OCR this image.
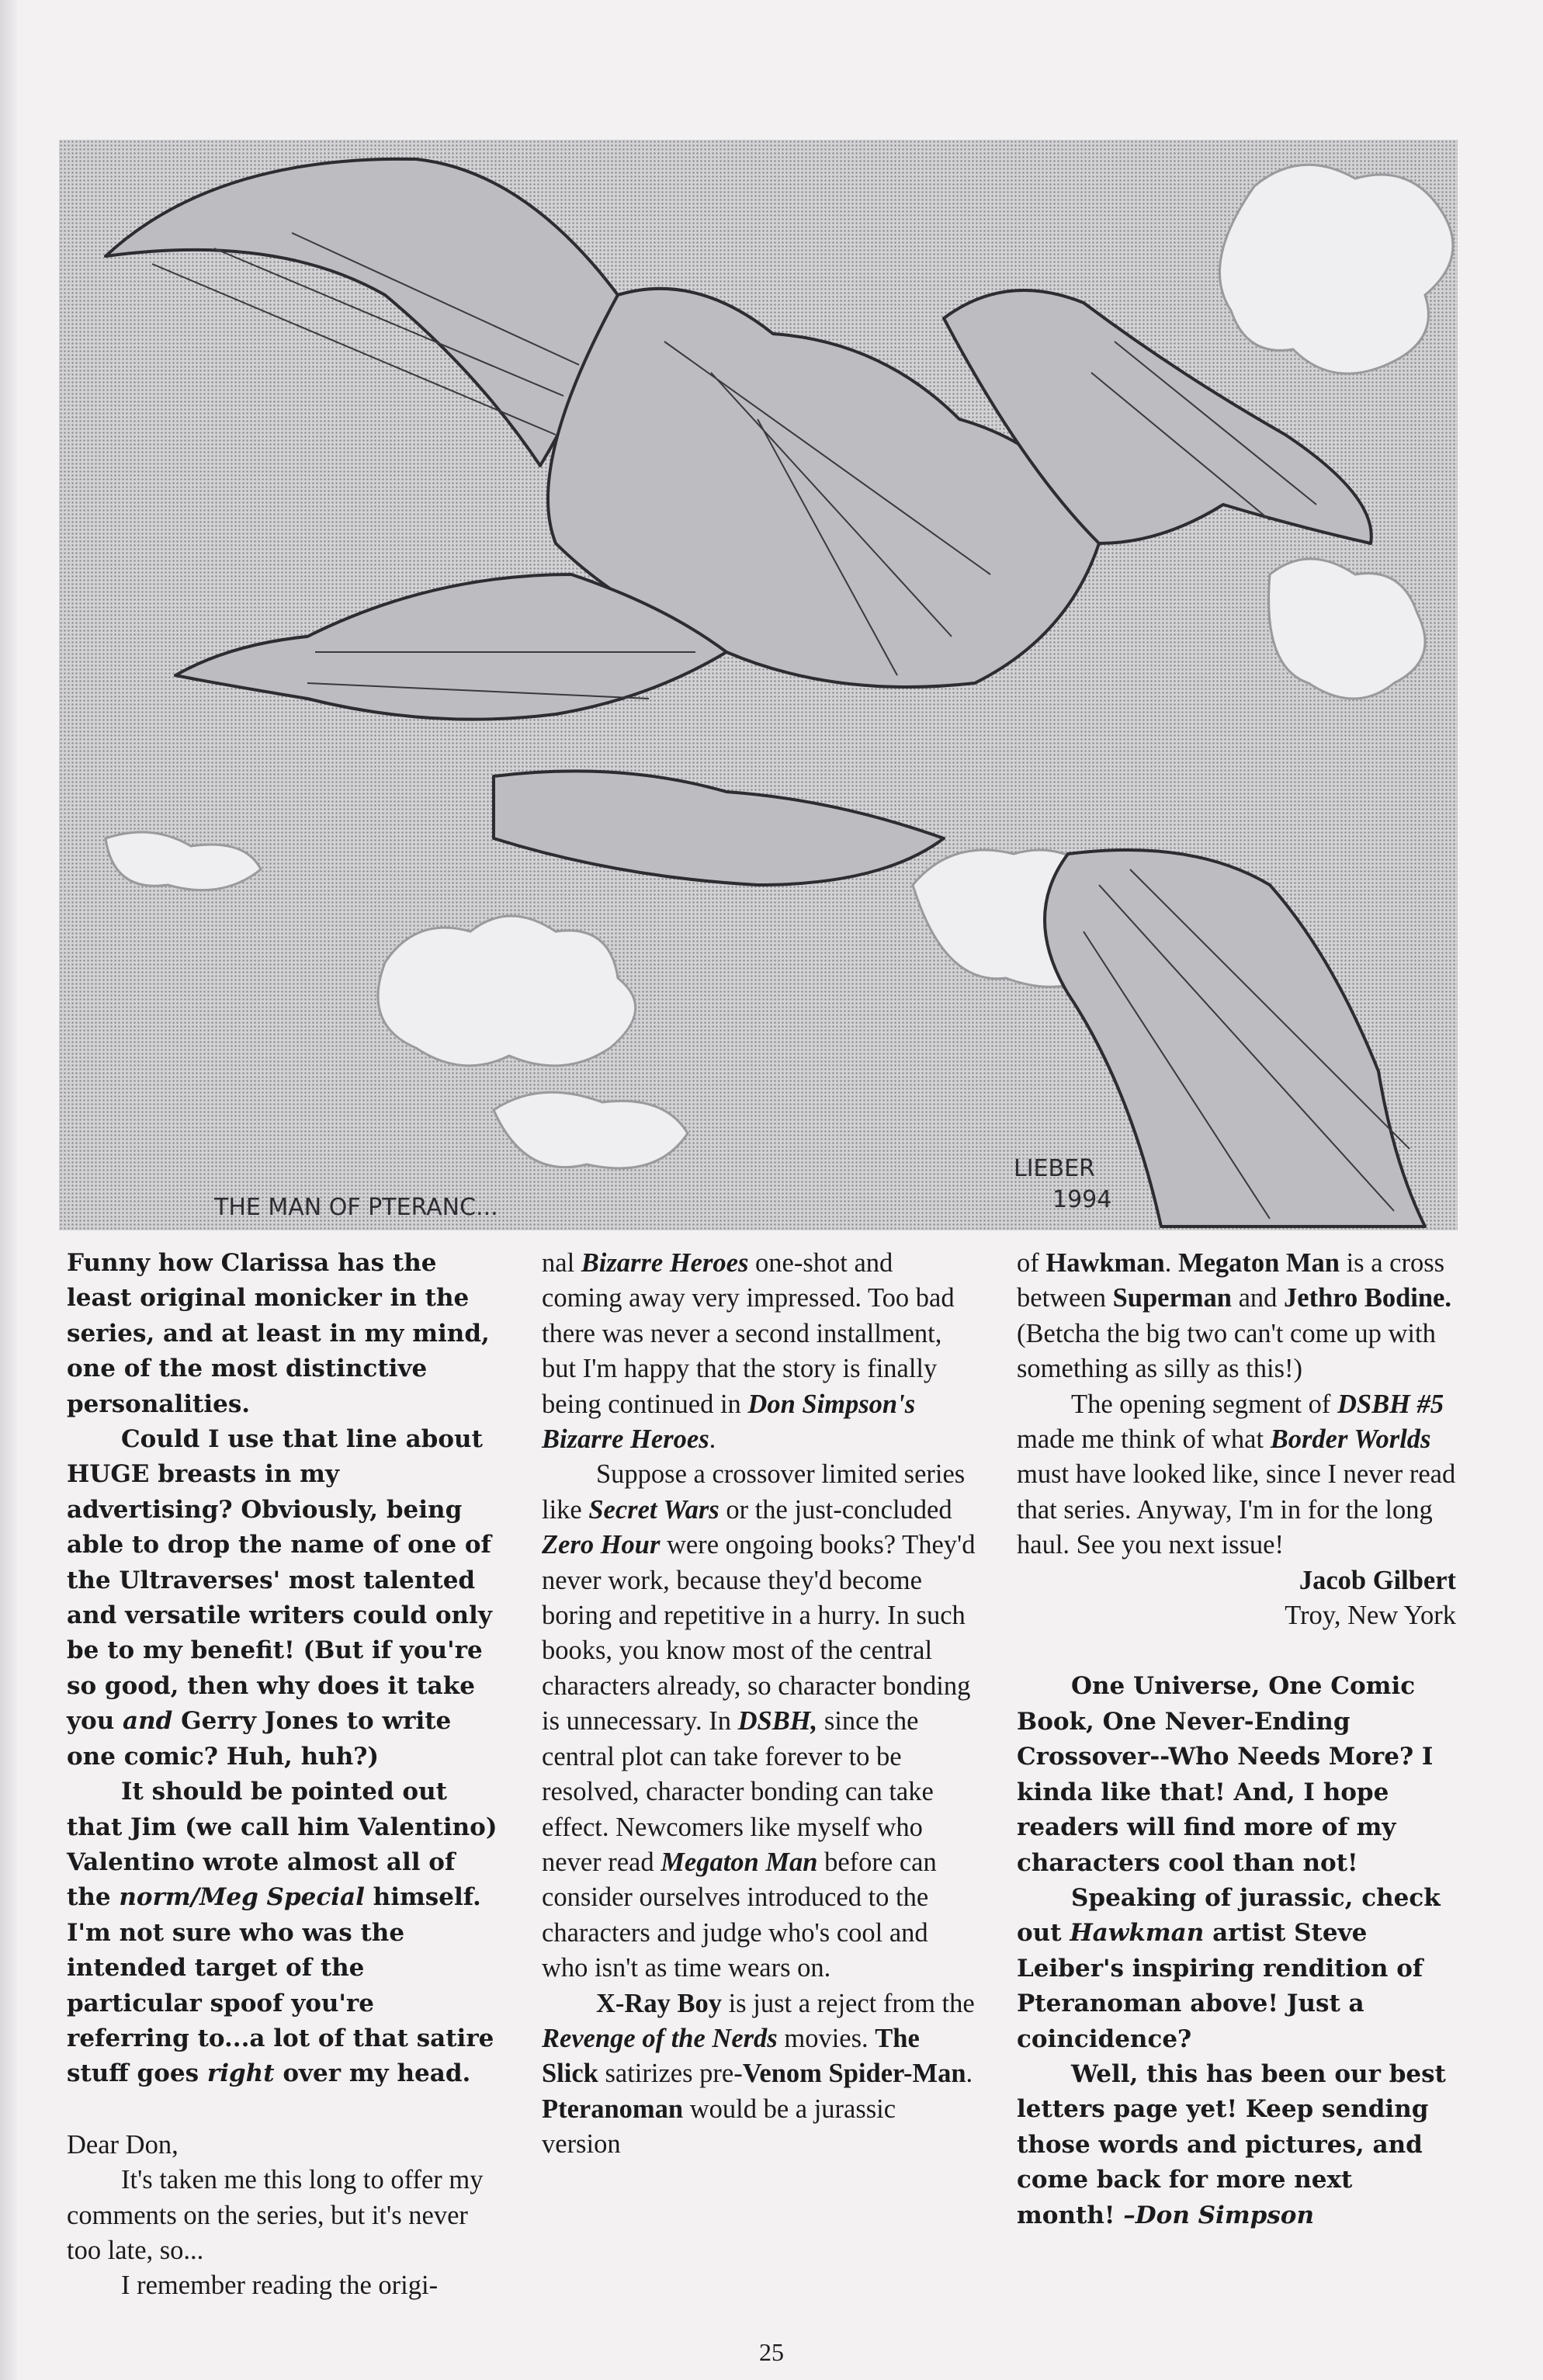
THE MAN OF PTERANC...
LIEBER
1994

Funny how Clarissa has the least original monicker in the series, and at least in my mind, one of the most distinctive personalities.

Could I use that line about HUGE breasts in my advertising? Obviously, being able to drop the name of one of the Ultraverses' most talented and versatile writers could only be to my benefit! (But if you're so good, then why does it take you and Gerry Jones to write one comic? Huh, huh?)

It should be pointed out that Jim (we call him Valentino) Valentino wrote almost all of the norm/Meg Special himself. I'm not sure who was the intended target of the particular spoof you're referring to...a lot of that satire stuff goes right over my head.

Dear Don,

It's taken me this long to offer my comments on the series, but it's never too late, so...

I remember reading the origi-

nal Bizarre Heroes one-shot and coming away very impressed. Too bad there was never a second installment, but I'm happy that the story is finally being continued in Don Simpson's Bizarre Heroes.

Suppose a crossover limited series like Secret Wars or the just-concluded Zero Hour were ongoing books? They'd never work, because they'd become boring and repetitive in a hurry. In such books, you know most of the central characters already, so character bonding is unnecessary. In DSBH, since the central plot can take forever to be resolved, character bonding can take effect. Newcomers like myself who never read Megaton Man before can consider ourselves introduced to the characters and judge who's cool and who isn't as time wears on.

X-Ray Boy is just a reject from the Revenge of the Nerds movies. The Slick satirizes pre-Venom Spider-Man. Pteranoman would be a jurassic version

of Hawkman. Megaton Man is a cross between Superman and Jethro Bodine. (Betcha the big two can't come up with something as silly as this!)

The opening segment of DSBH #5 made me think of what Border Worlds must have looked like, since I never read that series. Anyway, I'm in for the long haul. See you next issue!

Jacob Gilbert

Troy, New York

One Universe, One Comic Book, One Never-Ending Crossover--Who Needs More? I kinda like that! And, I hope readers will find more of my characters cool than not!

Speaking of jurassic, check out Hawkman artist Steve Leiber's inspiring rendition of Pteranoman above! Just a coincidence?

Well, this has been our best letters page yet! Keep sending those words and pictures, and come back for more next month! –Don Simpson

25
